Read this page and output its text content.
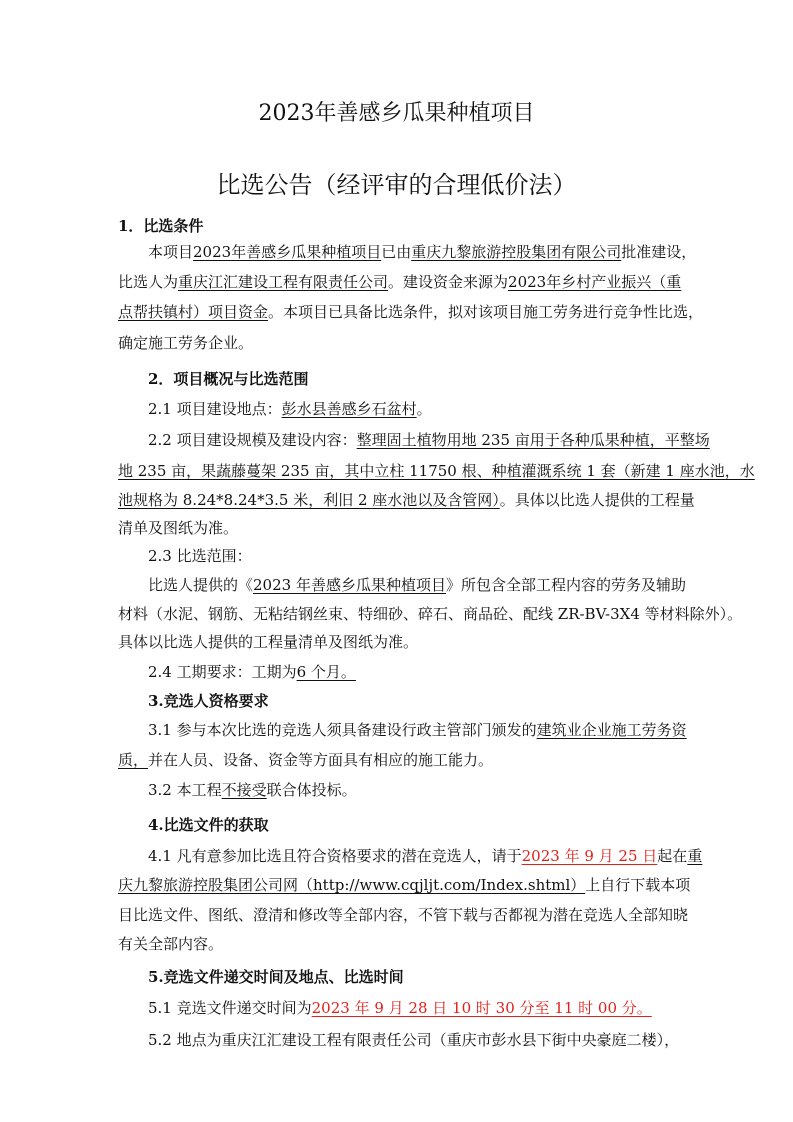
2023年善感乡瓜果种植项目
比选公告（经评审的合理低价法）
1．比选条件
本项目2023年善感乡瓜果种植项目已由重庆九黎旅游控股集团有限公司批准建设，
比选人为重庆江汇建设工程有限责任公司。建设资金来源为2023年乡村产业振兴（重
点帮扶镇村）项目资金。本项目已具备比选条件，拟对该项目施工劳务进行竞争性比选，
确定施工劳务企业。
2．项目概况与比选范围
2.1 项目建设地点：彭水县善感乡石盆村。
2.2 项目建设规模及建设内容：整理固土植物用地 235 亩用于各种瓜果种植，平整场
地 235 亩，果蔬藤蔓架 235 亩，其中立柱 11750 根、种植灌溉系统 1 套（新建 1 座水池，水
池规格为 8.24*8.24*3.5 米，利旧 2 座水池以及含管网）。具体以比选人提供的工程量
清单及图纸为准。
2.3 比选范围：
比选人提供的《2023 年善感乡瓜果种植项目》所包含全部工程内容的劳务及辅助
材料（水泥、钢筋、无粘结钢丝束、特细砂、碎石、商品砼、配线 ZR-BV-3X4 等材料除外）。
具体以比选人提供的工程量清单及图纸为准。
2.4 工期要求：工期为6 个月。
3.竞选人资格要求
3.1 参与本次比选的竞选人须具备建设行政主管部门颁发的建筑业企业施工劳务资
质，并在人员、设备、资金等方面具有相应的施工能力。
3.2 本工程不接受联合体投标。
4.比选文件的获取
4.1 凡有意参加比选且符合资格要求的潜在竞选人，请于2023 年 9 月 25 日起在重
庆九黎旅游控股集团公司网（http://www.cqjljt.com/Index.shtml）上自行下载本项
目比选文件、图纸、澄清和修改等全部内容，不管下载与否都视为潜在竞选人全部知晓
有关全部内容。
5.竞选文件递交时间及地点、比选时间
5.1 竞选文件递交时间为2023 年 9 月 28 日 10 时 30 分至 11 时 00 分。
5.2 地点为重庆江汇建设工程有限责任公司（重庆市彭水县下街中央豪庭二楼），
